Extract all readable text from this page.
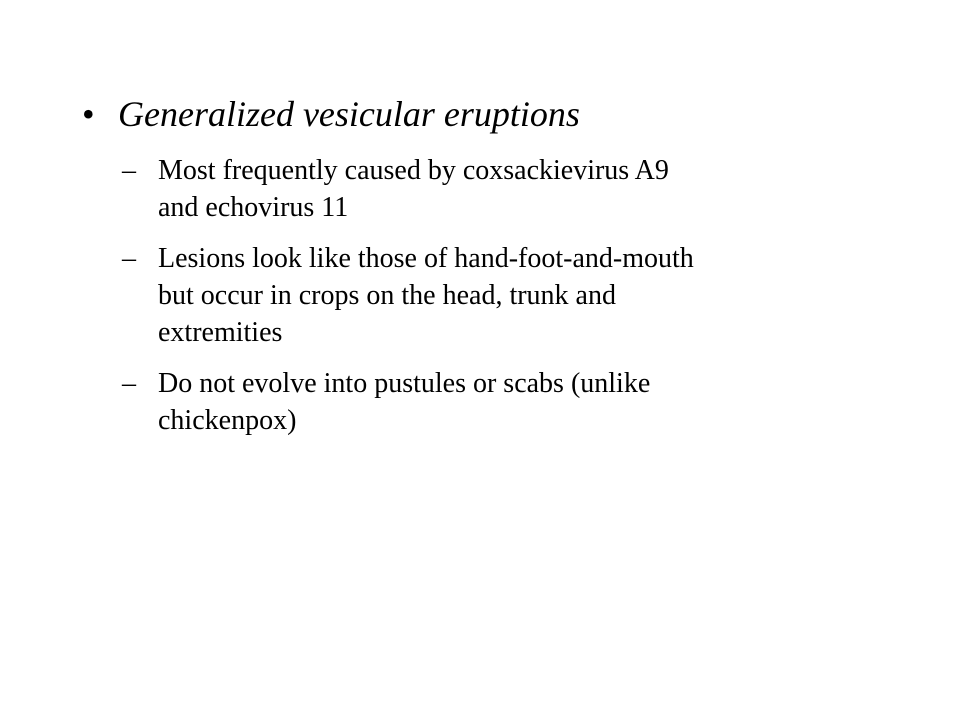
• Generalized vesicular eruptions
– Most frequently caused by coxsackievirus A9
and echovirus 11
– Lesions look like those of hand-foot-and-mouth
but occur in crops on the head, trunk and
extremities
– Do not evolve into pustules or scabs (unlike
chickenpox)
